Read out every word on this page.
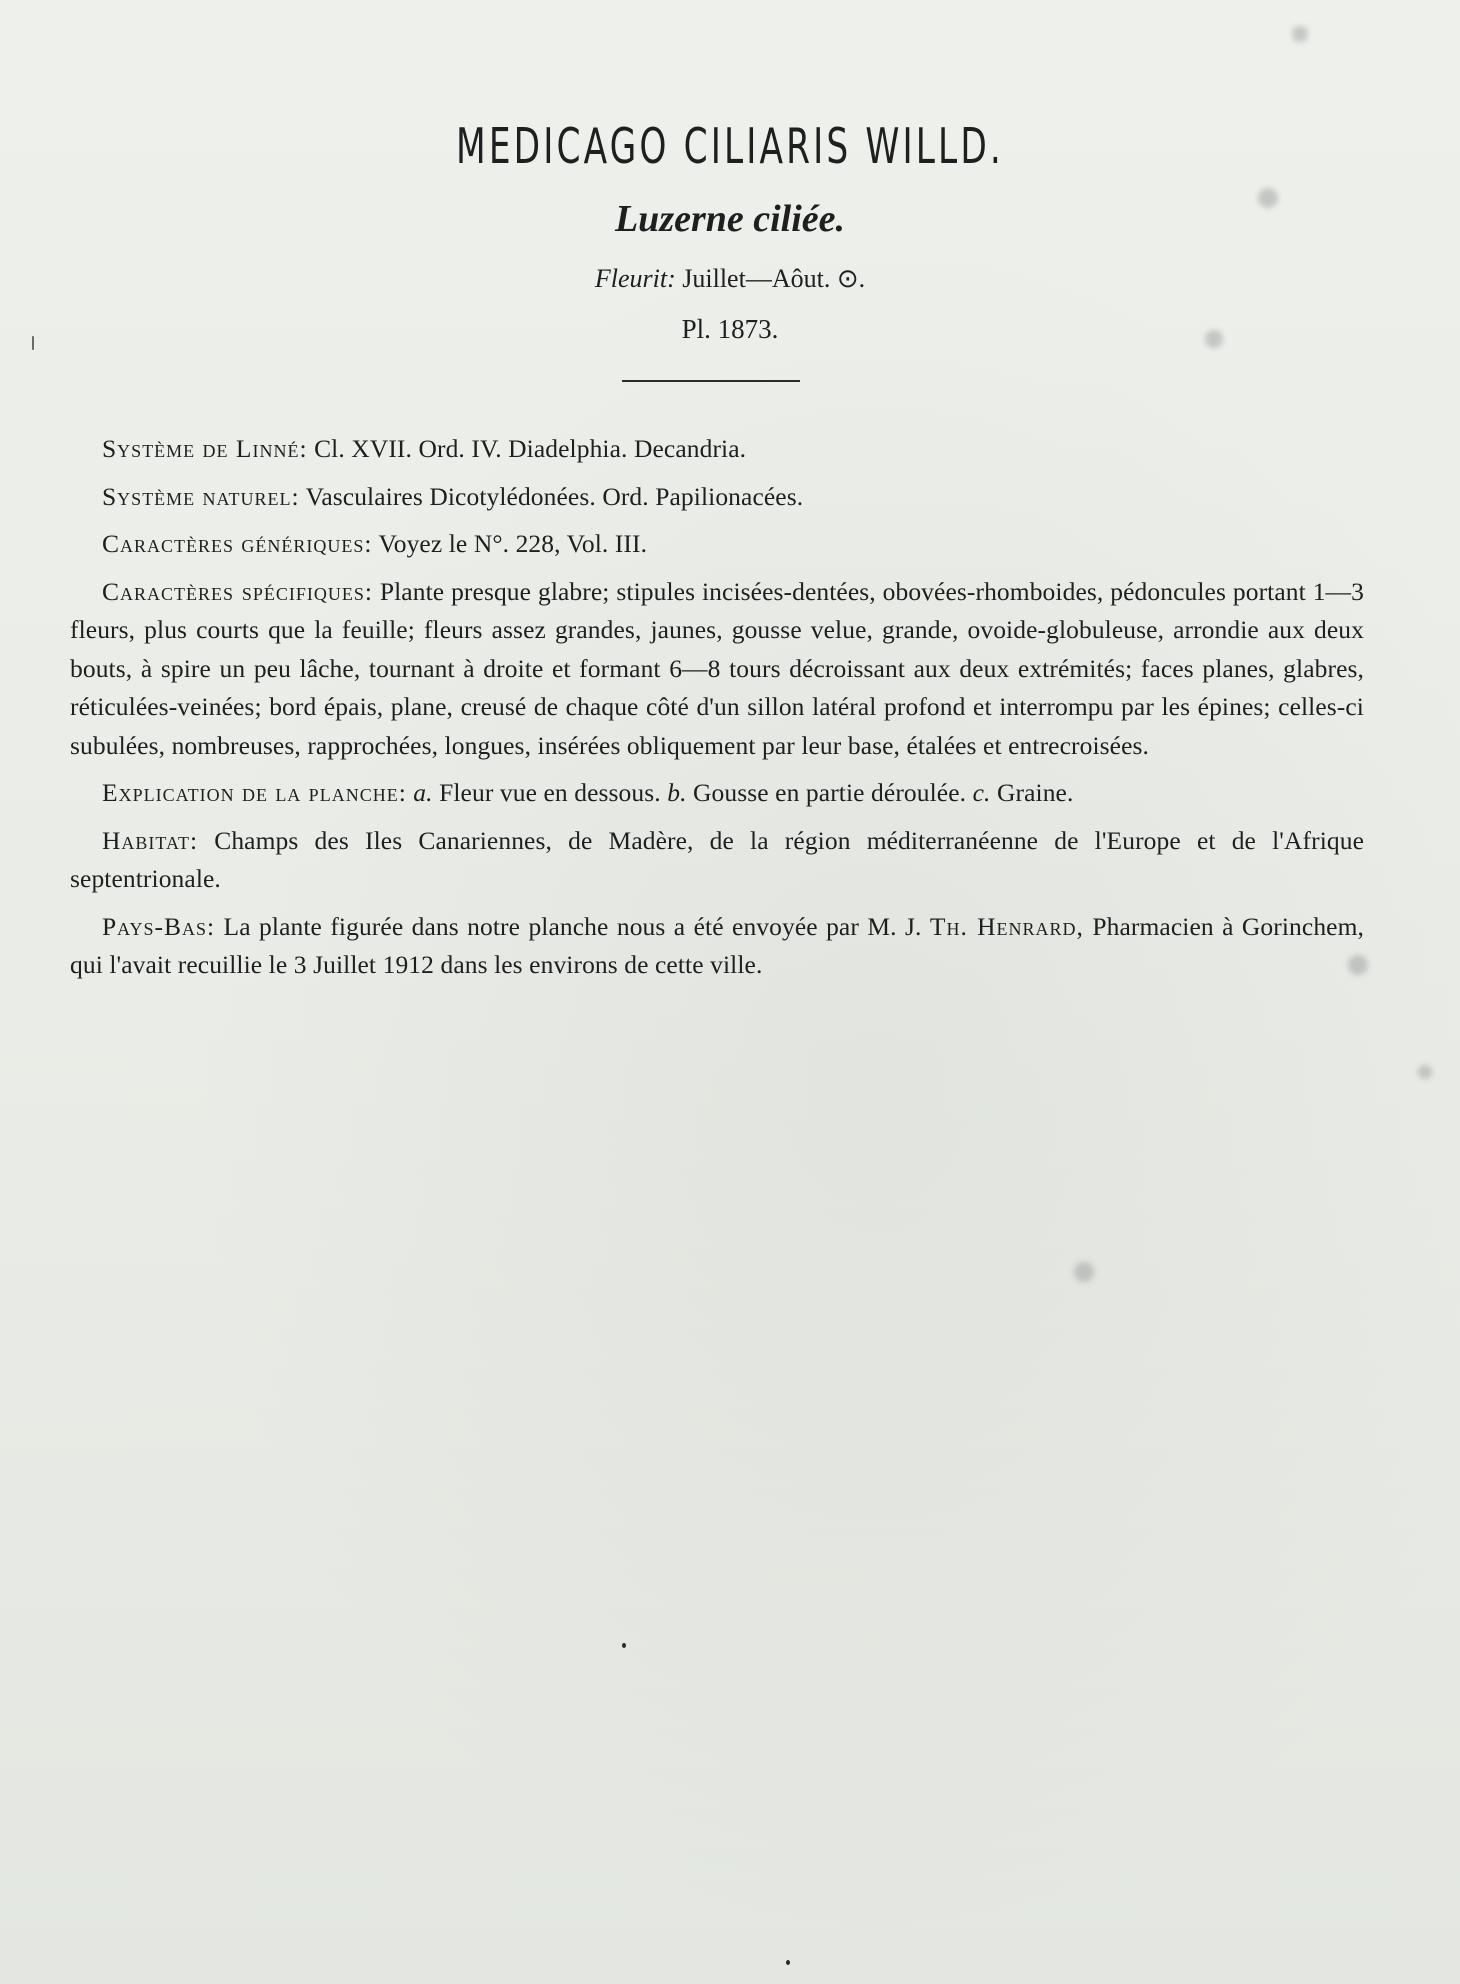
MEDICAGO CILIARIS WILLD.
Luzerne ciliée.
Fleurit: Juillet—Aôut. ⊙.
Pl. 1873.

Système de Linné: Cl. XVII. Ord. IV. Diadelphia. Decandria.

Système naturel: Vasculaires Dicotylédonées. Ord. Papilionacées.

Caractères génériques: Voyez le N°. 228, Vol. III.

Caractères spécifiques: Plante presque glabre; stipules incisées-dentées, obovées-rhomboides, pédoncules portant 1—3 fleurs, plus courts que la feuille; fleurs assez grandes, jaunes, gousse velue, grande, ovoide-globuleuse, arrondie aux deux bouts, à spire un peu lâche, tournant à droite et formant 6—8 tours décroissant aux deux extrémités; faces planes, glabres, réticulées-veinées; bord épais, plane, creusé de chaque côté d'un sillon latéral profond et interrompu par les épines; celles-ci subulées, nombreuses, rapprochées, longues, insérées obliquement par leur base, étalées et entrecroisées.

Explication de la planche: a. Fleur vue en dessous. b. Gousse en partie déroulée. c. Graine.

Habitat: Champs des Iles Canariennes, de Madère, de la région méditerranéenne de l'Europe et de l'Afrique septentrionale.

Pays-Bas: La plante figurée dans notre planche nous a été envoyée par M. J. Th. Henrard, Pharmacien à Gorinchem, qui l'avait recuillie le 3 Juillet 1912 dans les environs de cette ville.
